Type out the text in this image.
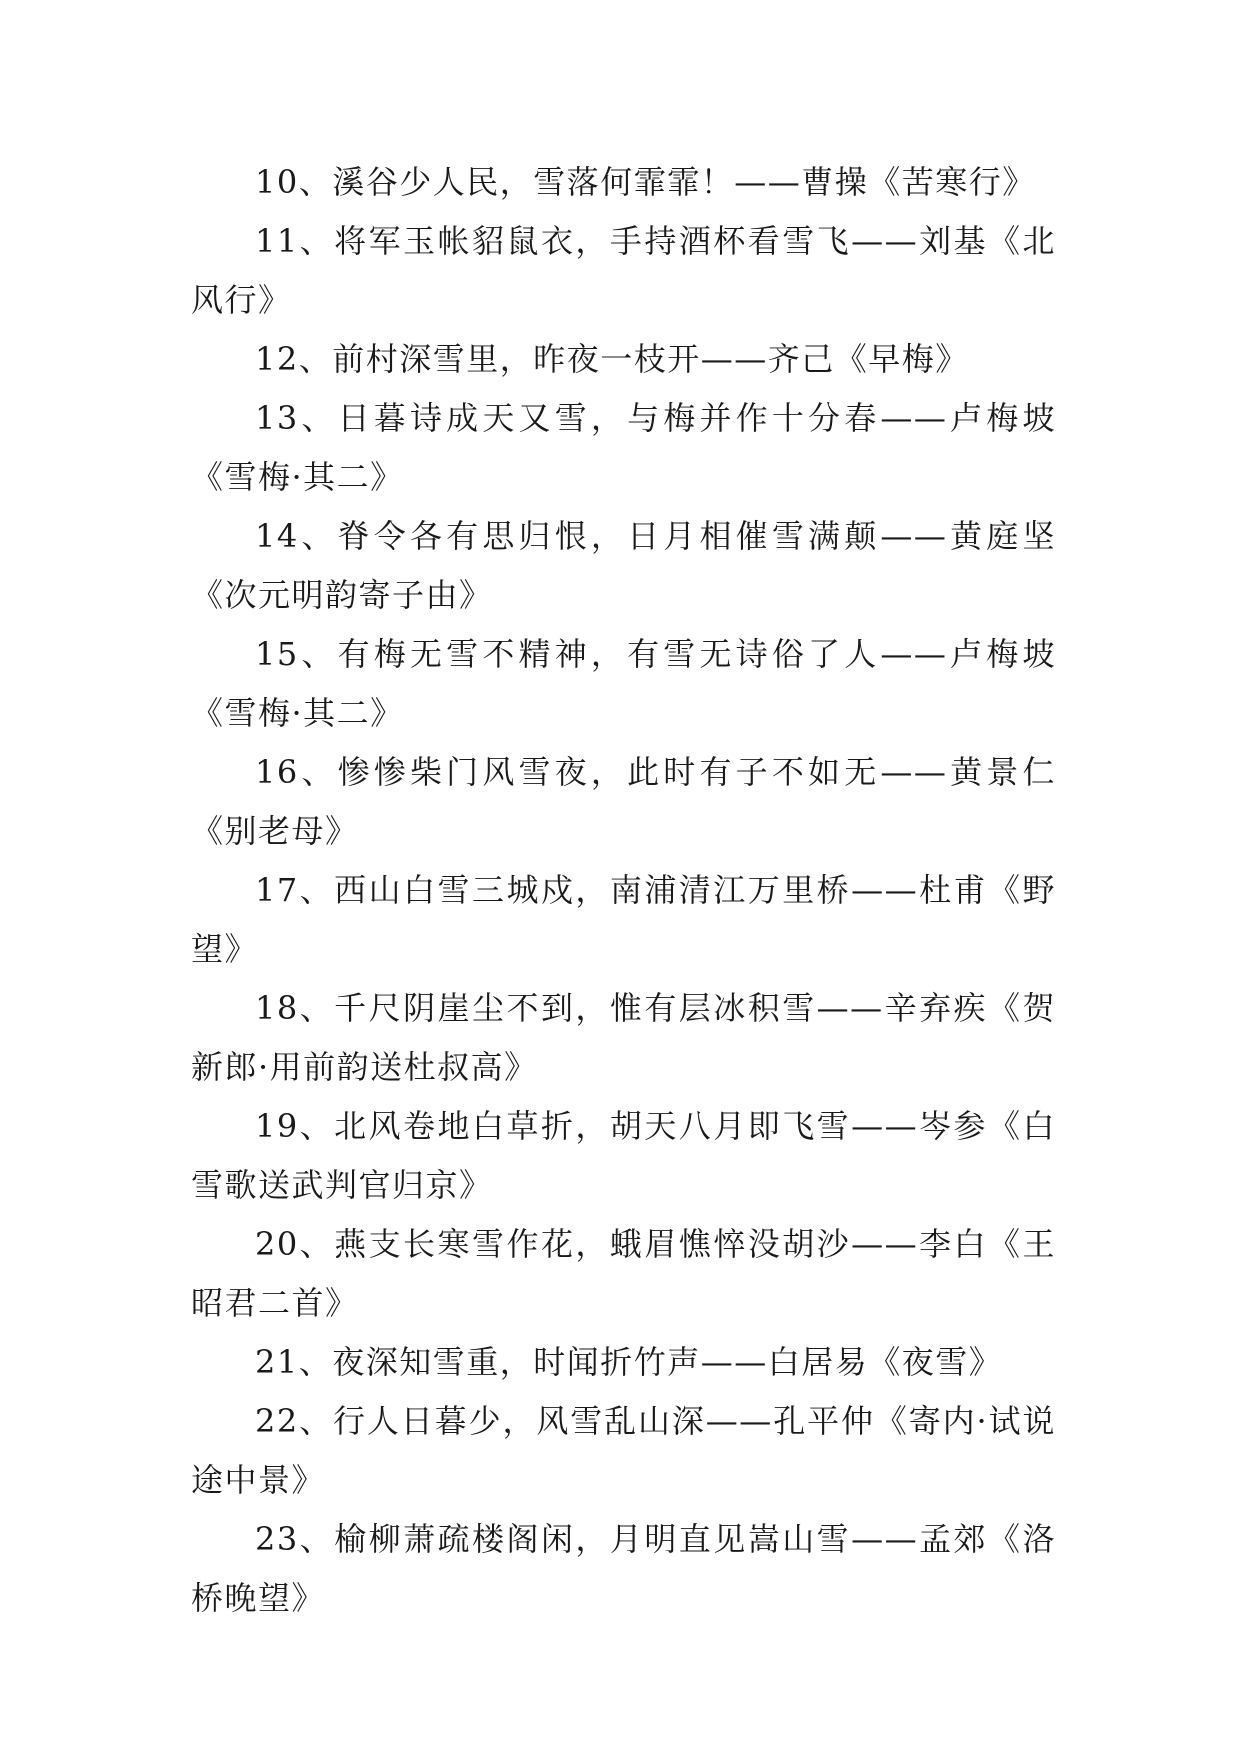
10、溪谷少人民，雪落何霏霏！——曹操《苦寒行》

11、将军玉帐貂鼠衣，手持酒杯看雪飞——刘基《北风行》

12、前村深雪里，昨夜一枝开——齐己《早梅》

13、日暮诗成天又雪，与梅并作十分春——卢梅坡《雪梅·其二》

14、脊令各有思归恨，日月相催雪满颠——黄庭坚《次元明韵寄子由》

15、有梅无雪不精神，有雪无诗俗了人——卢梅坡《雪梅·其二》

16、惨惨柴门风雪夜，此时有子不如无——黄景仁《别老母》

17、西山白雪三城戍，南浦清江万里桥——杜甫《野望》

18、千尺阴崖尘不到，惟有层冰积雪——辛弃疾《贺新郎·用前韵送杜叔高》

19、北风卷地白草折，胡天八月即飞雪——岑参《白雪歌送武判官归京》

20、燕支长寒雪作花，蛾眉憔悴没胡沙——李白《王昭君二首》

21、夜深知雪重，时闻折竹声——白居易《夜雪》

22、行人日暮少，风雪乱山深——孔平仲《寄内·试说途中景》

23、榆柳萧疏楼阁闲，月明直见嵩山雪——孟郊《洛桥晚望》
